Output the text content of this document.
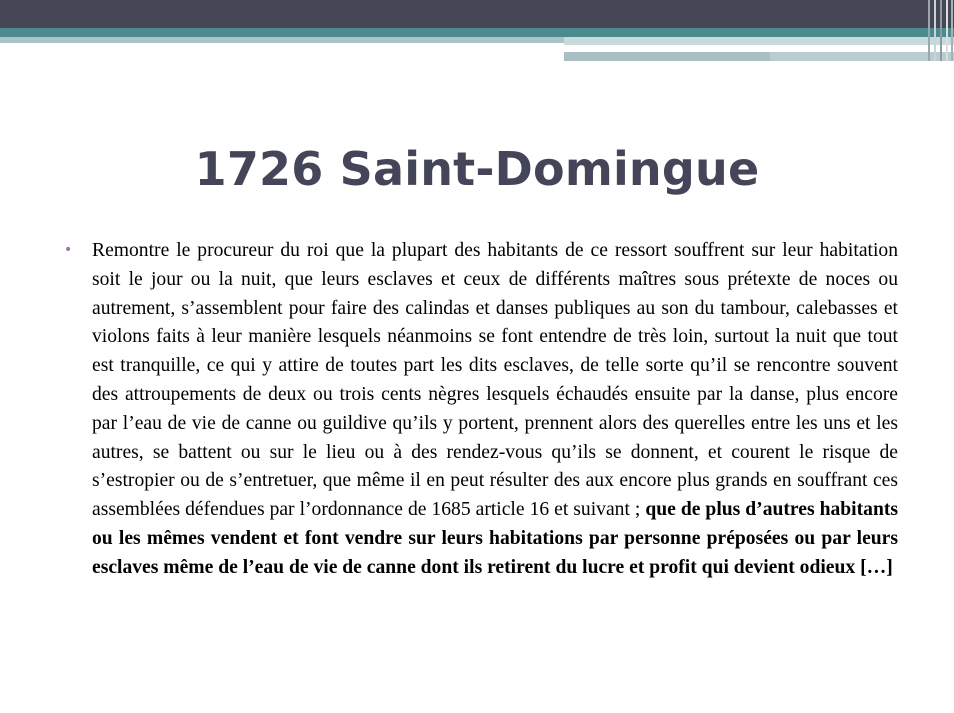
1726 Saint-Domingue
• Remontre le procureur du roi que la plupart des habitants de ce ressort souffrent sur leur habitation soit le jour ou la nuit, que leurs esclaves et ceux de différents maîtres sous prétexte de noces ou autrement, s’assemblent pour faire des calindas et danses publiques au son du tambour, calebasses et violons faits à leur manière lesquels néanmoins se font entendre de très loin, surtout la nuit que tout est tranquille, ce qui y attire de toutes part les dits esclaves, de telle sorte qu’il se rencontre souvent des attroupements de deux ou trois cents nègres lesquels échaudés ensuite par la danse, plus encore par l’eau de vie de canne ou guildive qu’ils y portent, prennent alors des querelles entre les uns et les autres, se battent ou sur le lieu ou à des rendez-vous qu’ils se donnent, et courent le risque de s’estropier ou de s’entretuer, que même il en peut résulter des aux encore plus grands en souffrant ces assemblées défendues par l’ordonnance de 1685 article 16 et suivant ; que de plus d’autres habitants ou les mêmes vendent et font vendre sur leurs habitations par personne préposées ou par leurs esclaves même de l’eau de vie de canne dont ils retirent du lucre et profit qui devient odieux […]
